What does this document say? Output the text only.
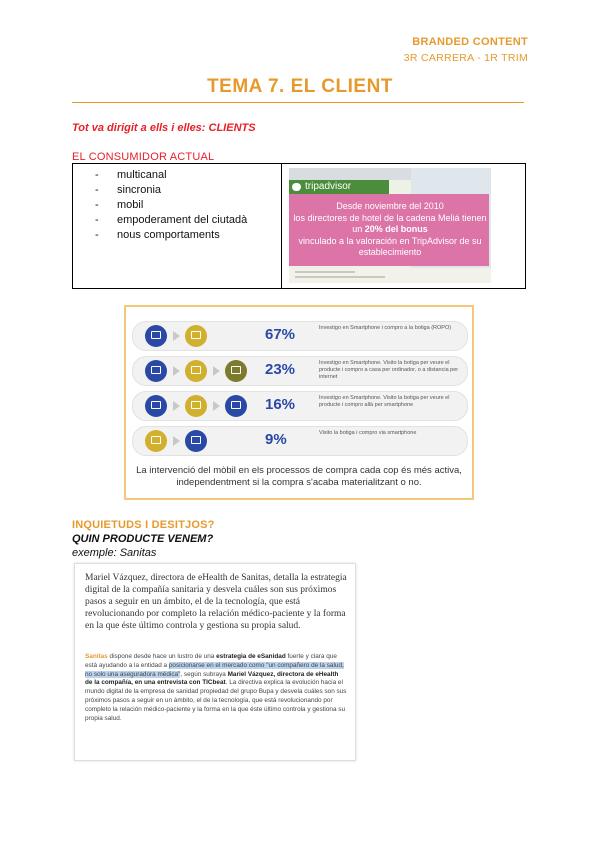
BRANDED CONTENT
3R CARRERA - 1R TRIM
TEMA 7. EL CLIENT
Tot va dirigit a ells i elles: CLIENTS
EL CONSUMIDOR ACTUAL
- multicanal
- sincronia
- mobil
- empoderament del ciutadà
- nous comportaments
tripadvisor
Desde noviembre del 2010
los directores de hotel de la cadena Meliá tienen
un 20% del bonus
vinculado a la valoración en TripAdvisor de su
establecimiento
67%	Investigo en Smartphone i compro a la botiga (ROPO)
23%	Investigo en Smartphone. Visito la botiga per veure el producte i compro a casa per ordinador, o a distancia per internet
16%	Investigo en Smartphone. Visito la botiga per veure el producte i compro allà per smartphone
9%	Visito la botiga i compro via smartphone
La intervenció del mòbil en els processos de compra cada cop és més activa,
independentment si la compra s'acaba materialitzant o no.
INQUIETUDS I DESITJOS?
QUIN PRODUCTE VENEM?
exemple: Sanitas
Mariel Vázquez, directora de eHealth de Sanitas, detalla la estrategia digital de la compañía sanitaria y desvela cuáles son sus próximos pasos a seguir en un ámbito, el de la tecnología, que está revolucionando por completo la relación médico-paciente y la forma en la que éste último controla y gestiona su propia salud.
Sanitas dispone desde hace un lustro de una estrategia de eSanidad fuerte y clara que está ayudando a la entidad a posicionarse en el mercado como "un compañero de la salud, no solo una aseguradora médica", según subraya Mariel Vázquez, directora de eHealth de la compañía, en una entrevista con TICbeat. La directiva explica la evolución hacia el mundo digital de la empresa de sanidad propiedad del grupo Bupa y desvela cuáles son sus próximos pasos a seguir en un ámbito, el de la tecnología, que está revolucionando por completo la relación médico-paciente y la forma en la que éste último controla y gestiona su propia salud.
